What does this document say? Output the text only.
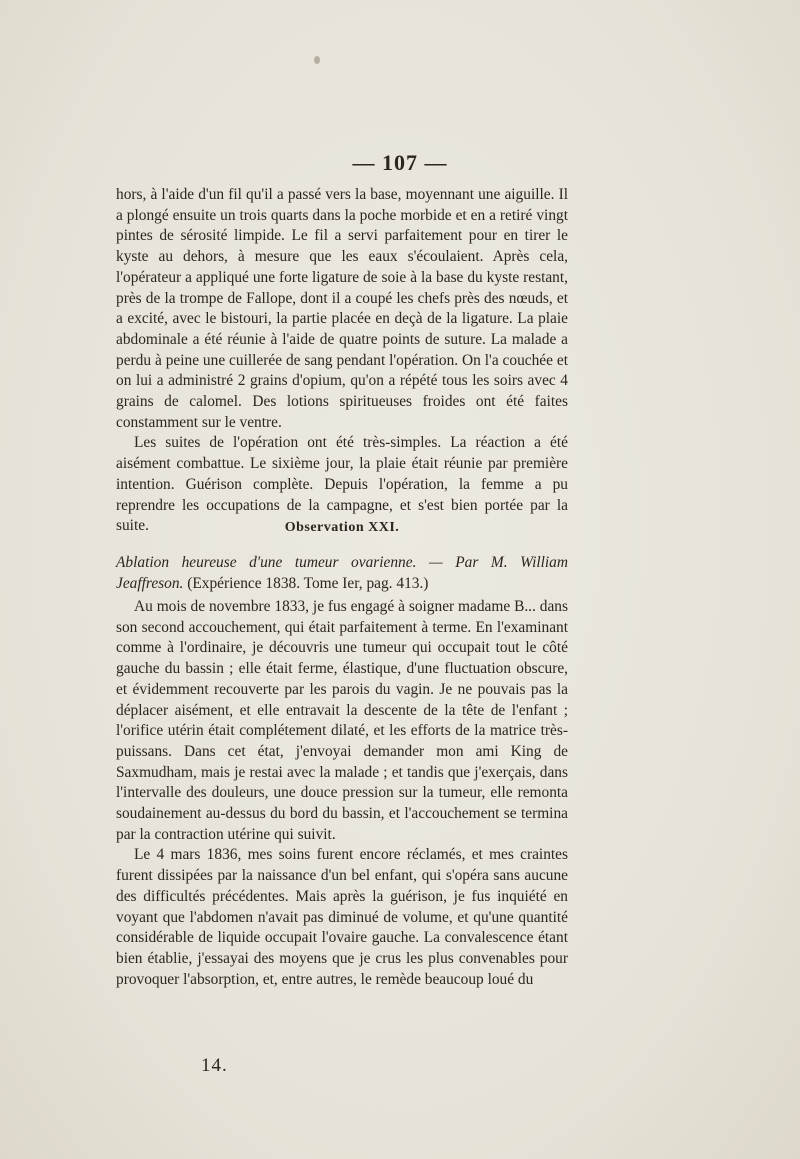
— 107 —

hors, à l'aide d'un fil qu'il a passé vers la base, moyennant une aiguille. Il a plongé ensuite un trois quarts dans la poche morbide et en a retiré vingt pintes de sérosité limpide. Le fil a servi parfaitement pour en tirer le kyste au dehors, à mesure que les eaux s'écoulaient. Après cela, l'opérateur a appliqué une forte ligature de soie à la base du kyste restant, près de la trompe de Fallope, dont il a coupé les chefs près des nœuds, et a excité, avec le bistouri, la partie placée en deçà de la ligature. La plaie abdominale a été réunie à l'aide de quatre points de suture. La malade a perdu à peine une cuillerée de sang pendant l'opération. On l'a couchée et on lui a administré 2 grains d'opium, qu'on a répété tous les soirs avec 4 grains de calomel. Des lotions spiritueuses froides ont été faites constamment sur le ventre.

Les suites de l'opération ont été très-simples. La réaction a été aisément combattue. Le sixième jour, la plaie était réunie par première intention. Guérison complète. Depuis l'opération, la femme a pu reprendre les occupations de la campagne, et s'est bien portée par la suite.	Observation XXI.

Ablation heureuse d'une tumeur ovarienne. — Par M. William Jeaffreson. (Expérience 1838. Tome Ier, pag. 413.)

Au mois de novembre 1833, je fus engagé à soigner madame B... dans son second accouchement, qui était parfaitement à terme. En l'examinant comme à l'ordinaire, je découvris une tumeur qui occupait tout le côté gauche du bassin ; elle était ferme, élastique, d'une fluctuation obscure, et évidemment recouverte par les parois du vagin. Je ne pouvais pas la déplacer aisément, et elle entravait la descente de la tête de l'enfant ; l'orifice utérin était complétement dilaté, et les efforts de la matrice très-puissans. Dans cet état, j'envoyai demander mon ami King de Saxmudham, mais je restai avec la malade ; et tandis que j'exerçais, dans l'intervalle des douleurs, une douce pression sur la tumeur, elle remonta soudainement au-dessus du bord du bassin, et l'accouchement se termina par la contraction utérine qui suivit.

Le 4 mars 1836, mes soins furent encore réclamés, et mes craintes furent dissipées par la naissance d'un bel enfant, qui s'opéra sans aucune des difficultés précédentes. Mais après la guérison, je fus inquiété en voyant que l'abdomen n'avait pas diminué de volume, et qu'une quantité considérable de liquide occupait l'ovaire gauche. La convalescence étant bien établie, j'essayai des moyens que je crus les plus convenables pour provoquer l'absorption, et, entre autres, le remède beaucoup loué du

14.
